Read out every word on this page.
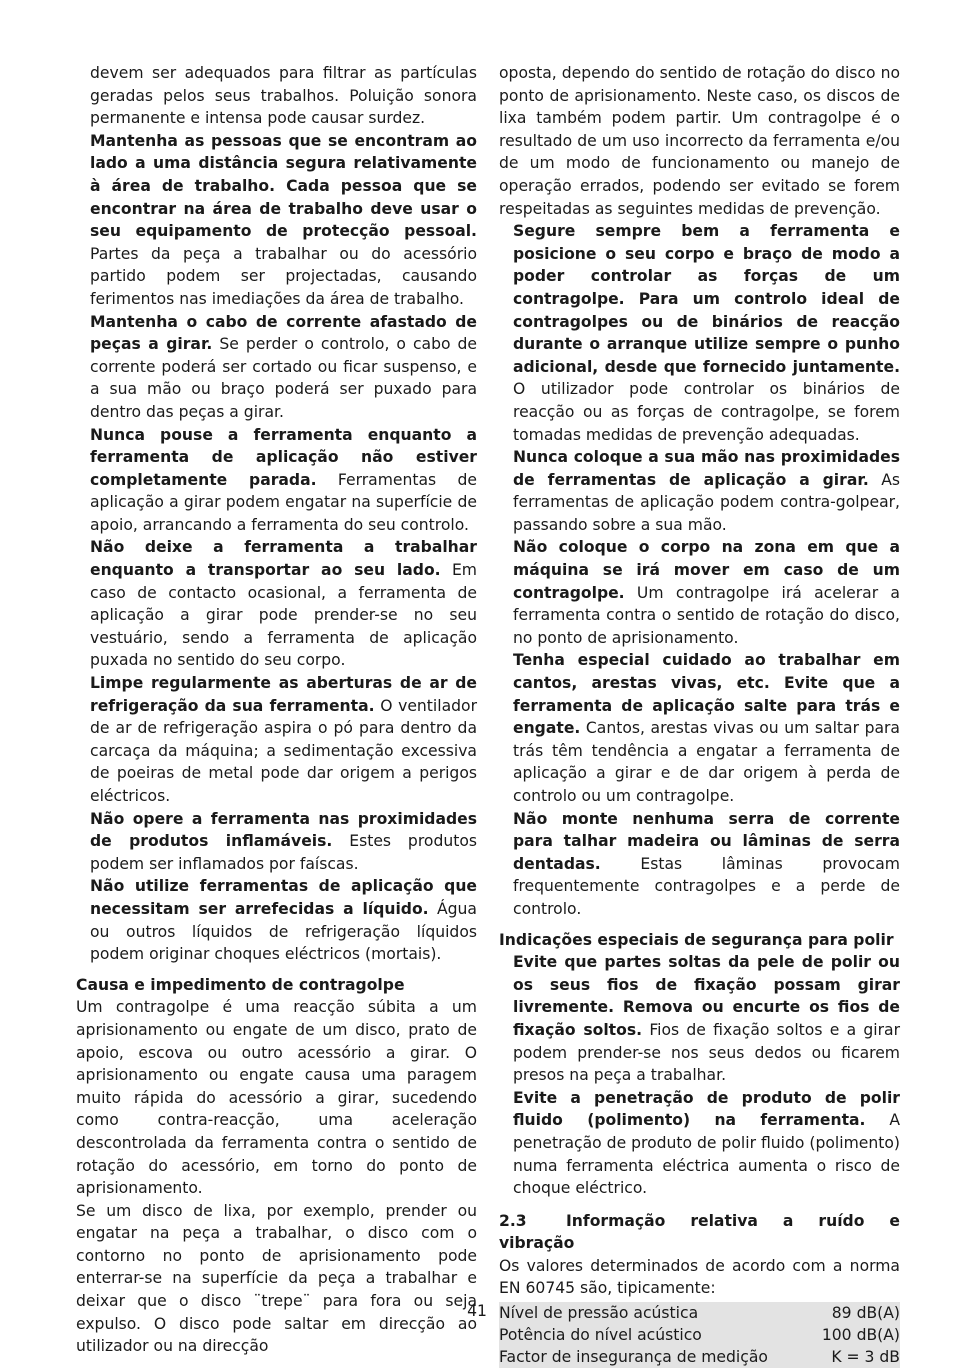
devem ser adequados para filtrar as partículas geradas pelos seus trabalhos. Poluição sonora permanente e intensa pode causar surdez.

Mantenha as pessoas que se encontram ao lado a uma distância segura relativamente à área de trabalho. Cada pessoa que se encontrar na área de trabalho deve usar o seu equipamento de protecção pessoal. Partes da peça a trabalhar ou do acessório partido podem ser projectadas, causando ferimentos nas imediações da área de trabalho.

Mantenha o cabo de corrente afastado de peças a girar. Se perder o controlo, o cabo de corrente poderá ser cortado ou ficar suspenso, e a sua mão ou braço poderá ser puxado para dentro das peças a girar.

Nunca pouse a ferramenta enquanto a ferramenta de aplicação não estiver completamente parada. Ferramentas de aplicação a girar podem engatar na superfície de apoio, arrancando a ferramenta do seu controlo.

Não deixe a ferramenta a trabalhar enquanto a transportar ao seu lado. Em caso de contacto ocasional, a ferramenta de aplicação a girar pode prender-se no seu vestuário, sendo a ferramenta de aplicação puxada no sentido do seu corpo.

Limpe regularmente as aberturas de ar de refrigeração da sua ferramenta. O ventilador de ar de refrigeração aspira o pó para dentro da carcaça da máquina; a sedimentação excessiva de poeiras de metal pode dar origem a perigos eléctricos.

Não opere a ferramenta nas proximidades de produtos inflamáveis. Estes produtos podem ser inflamados por faíscas.

Não utilize ferramentas de aplicação que necessitam ser arrefecidas a líquido. Água ou outros líquidos de refrigeração líquidos podem originar choques eléctricos (mortais).

Causa e impedimento de contragolpe

Um contragolpe é uma reacção súbita a um aprisionamento ou engate de um disco, prato de apoio, escova ou outro acessório a girar. O aprisionamento ou engate causa uma paragem muito rápida do acessório a girar, sucedendo como contra-reacção, uma aceleração descontrolada da ferramenta contra o sentido de rotação do acessório, em torno do ponto de aprisionamento.

Se um disco de lixa, por exemplo, prender ou engatar na peça a trabalhar, o disco com o contorno no ponto de aprisionamento pode enterrar-se na superfície da peça a trabalhar e deixar que o disco ¨trepe¨ para fora ou seja expulso. O disco pode saltar em direcção ao utilizador ou na direcção

oposta, dependo do sentido de rotação do disco no ponto de aprisionamento. Neste caso, os discos de lixa também podem partir. Um contragolpe é o resultado de um uso incorrecto da ferramenta e/ou de um modo de funcionamento ou manejo de operação errados, podendo ser evitado se forem respeitadas as seguintes medidas de prevenção.

Segure sempre bem a ferramenta e posicione o seu corpo e braço de modo a poder controlar as forças de um contragolpe. Para um controlo ideal de contragolpes ou de binários de reacção durante o arranque utilize sempre o punho adicional, desde que fornecido juntamente. O utilizador pode controlar os binários de reacção ou as forças de contragolpe, se forem tomadas medidas de prevenção adequadas.

Nunca coloque a sua mão nas proximidades de ferramentas de aplicação a girar. As ferramentas de aplicação podem contra-golpear, passando sobre a sua mão.

Não coloque o corpo na zona em que a máquina se irá mover em caso de um contragolpe. Um contragolpe irá acelerar a ferramenta contra o sentido de rotação do disco, no ponto de aprisionamento.

Tenha especial cuidado ao trabalhar em cantos, arestas vivas, etc. Evite que a ferramenta de aplicação salte para trás e engate. Cantos, arestas vivas ou um saltar para trás têm tendência a engatar a ferramenta de aplicação a girar e de dar origem à perda de controlo ou um contragolpe.

Não monte nenhuma serra de corrente para talhar madeira ou lâminas de serra dentadas. Estas lâminas provocam frequentemente contragolpes e a perde de controlo.

Indicações especiais de segurança para polir

Evite que partes soltas da pele de polir ou os seus fios de fixação possam girar livremente. Remova ou encurte os fios de fixação soltos. Fios de fixação soltos e a girar podem prender-se nos seus dedos ou ficarem presos na peça a trabalhar.

Evite a penetração de produto de polir fluido (polimento) na ferramenta. A penetração de produto de polir fluido (polimento) numa ferramenta eléctrica aumenta o risco de choque eléctrico.

2.3	Informação relativa a ruído e vibração

Os valores determinados de acordo com a norma EN 60745 são, tipicamente:

Nível de pressão acústica	89 dB(A)
Potência do nível acústico	100 dB(A)
Factor de insegurança de medição	K = 3 dB
41
